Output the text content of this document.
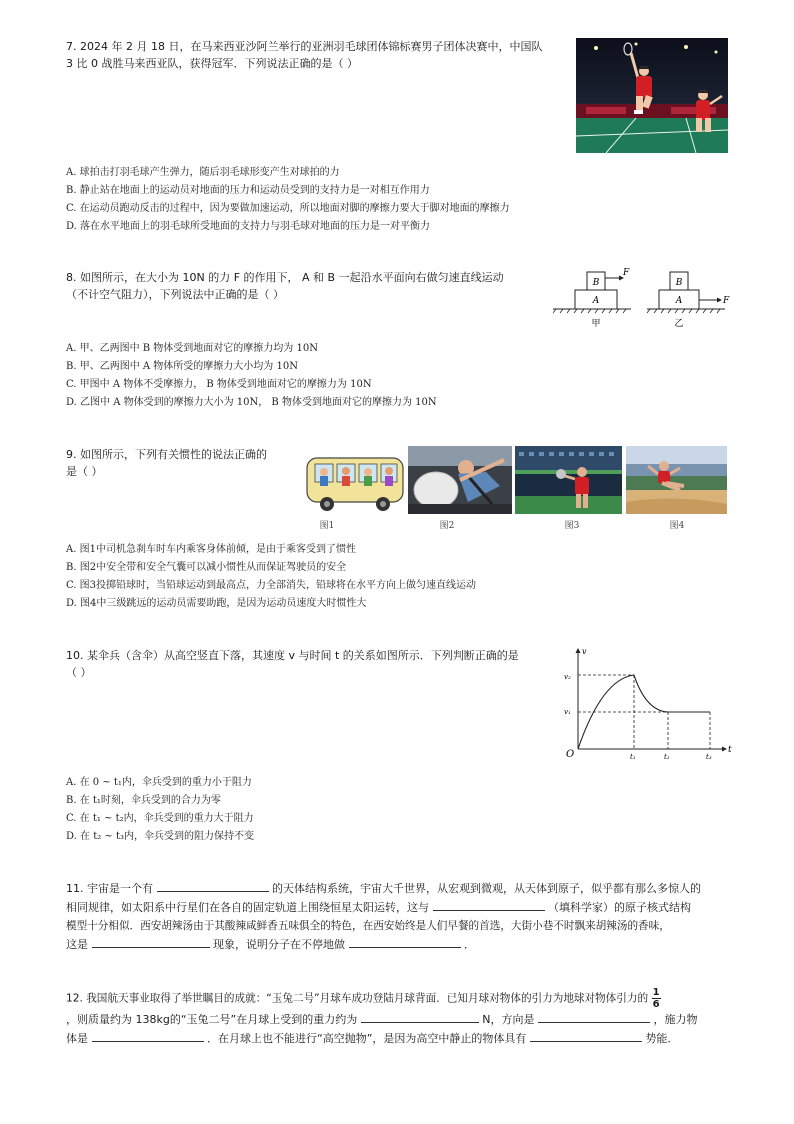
7. 2024 年 2 月 18 日，在马来西亚沙阿兰举行的亚洲羽毛球团体锦标赛男子团体决赛中，中国队
3 比 0 战胜马来西亚队，获得冠军．下列说法正确的是（ ）
A. 球拍击打羽毛球产生弹力，随后羽毛球形变产生对球拍的力
B. 静止站在地面上的运动员对地面的压力和运动员受到的支持力是一对相互作用力
C. 在运动员跑动反击的过程中，因为要做加速运动，所以地面对脚的摩擦力要大于脚对地面的摩擦力
D. 落在水平地面上的羽毛球所受地面的支持力与羽毛球对地面的压力是一对平衡力
8. 如图所示，在大小为 10N 的力 F 的作用下， A 和 B 一起沿水平面向右做匀速直线运动
（不计空气阻力），下列说法中正确的是（ ）	A
B
F
甲
A
B
F
乙
A. 甲、乙两图中 B 物体受到地面对它的摩擦力均为 10N
B. 甲、乙两图中 A 物体所受的摩擦力大小均为 10N
C. 甲图中 A 物体不受摩擦力， B 物体受到地面对它的摩擦力为 10N
D. 乙图中 A 物体受到的摩擦力大小为 10N， B 物体受到地面对它的摩擦力为 10N
9. 如图所示，下列有关惯性的说法正确的
是（ ）
图1	图2	图3	图4
A. 图1中司机急刹车时车内乘客身体前倾，是由于乘客受到了惯性
B. 图2中安全带和安全气囊可以减小惯性从而保证驾驶员的安全
C. 图3投掷铅球时，当铅球运动到最高点，力全部消失，铅球将在水平方向上做匀速直线运动
D. 图4中三级跳远的运动员需要助跑，是因为运动员速度大时惯性大
10. 某伞兵（含伞）从高空竖直下落，其速度 v 与时间 t 的关系如图所示．下列判断正确的是
（ ）
v
t
O
v₂
v₁
t₁	t₂	t₃
A. 在 0 ~ t₁内，伞兵受到的重力小于阻力
B. 在 t₁时刻，伞兵受到的合力为零
C. 在 t₁ ~ t₂内，伞兵受到的重力大于阻力
D. 在 t₂ ~ t₃内，伞兵受到的阻力保持不变
11. 宇宙是一个有	的天体结构系统，宇宙大千世界，从宏观到微观，从天体到原子，似乎都有那么多惊人的
相同规律，如太阳系中行星们在各自的固定轨道上围绕恒星太阳运转，这与	（填科学家）的原子核式结构
模型十分相似．西安胡辣汤由于其酸辣咸鲜香五味俱全的特色，在西安始终是人们早餐的首选，大街小巷不时飘来胡辣汤的香味，
这是	现象，说明分子在不停地做	．
12. 我国航天事业取得了举世瞩目的成就：“玉兔二号”月球车成功登陆月球背面．已知月球对物体的引力为地球对物体引力的 $\frac{1}{6}$
，则质量约为 138kg的“玉兔二号”在月球上受到的重力约为	N，方向是	，施力物
体是	．在月球上也不能进行“高空抛物”，是因为高空中静止的物体具有	势能．
